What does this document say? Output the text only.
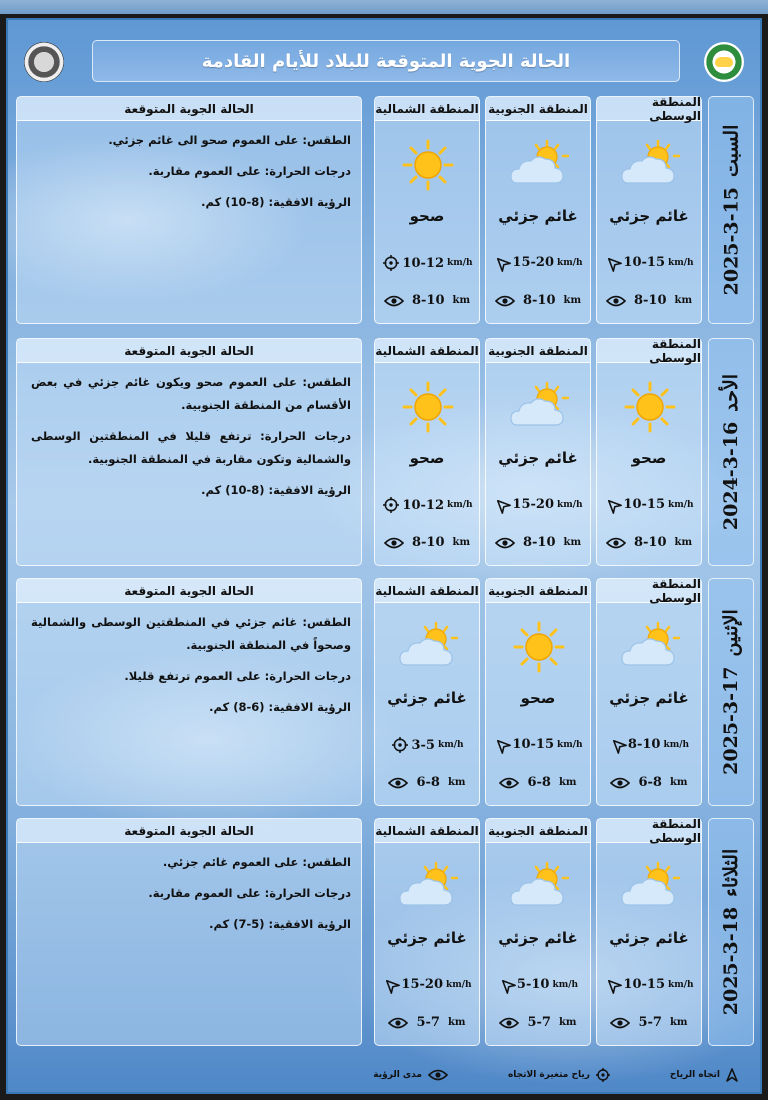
الحالة الجوية المتوقعة للبلاد للأيام القادمة
السبت
2025-3-15
المنطقة الوسطى
غائم جزئي
km/h
10-15
8-10 km
المنطقة الجنوبية
غائم جزئي
km/h
15-20
8-10 km
المنطقة الشمالية
صحو
km/h
10-12
8-10 km
الحالة الجوية المتوقعة

الطقس: على العموم صحو الى غائم جزئي.

درجات الحرارة: على العموم مقاربة.

الرؤية الافقية: (8-10) كم.

الأحد
2024-3-16
المنطقة الوسطى
صحو
km/h
10-15
8-10 km
المنطقة الجنوبية
غائم جزئي
km/h
15-20
8-10 km
المنطقة الشمالية
صحو
km/h
10-12
8-10 km
الحالة الجوية المتوقعة

الطقس: على العموم صحو ويكون غائم جزئي في بعض الأقسام من المنطقة الجنوبية.

درجات الحرارة: ترتفع قليلا في المنطقتين الوسطى والشمالية وتكون مقاربة في المنطقة الجنوبية.

الرؤية الافقية: (8-10) كم.

الإثنين
2025-3-17
المنطقة الوسطى
غائم جزئي
km/h
8-10
6-8 km
المنطقة الجنوبية
صحو
km/h
10-15
6-8 km
المنطقة الشمالية
غائم جزئي
km/h
3-5
6-8 km
الحالة الجوية المتوقعة

الطقس: غائم جزئي في المنطقتين الوسطى والشمالية وصحواً في المنطقة الجنوبية.

درجات الحرارة: على العموم ترتفع قليلا.

الرؤية الافقية: (6-8) كم.

الثلاثاء
2025-3-18
المنطقة الوسطى
غائم جزئي
km/h
10-15
5-7 km
المنطقة الجنوبية
غائم جزئي
km/h
5-10
5-7 km
المنطقة الشمالية
غائم جزئي
km/h
15-20
5-7 km
الحالة الجوية المتوقعة

الطقس: على العموم غائم جزئي.

درجات الحرارة: على العموم مقاربة.

الرؤية الافقية: (5-7) كم.

اتجاه الرياح
رياح متغيرة الاتجاه
مدى الرؤية
